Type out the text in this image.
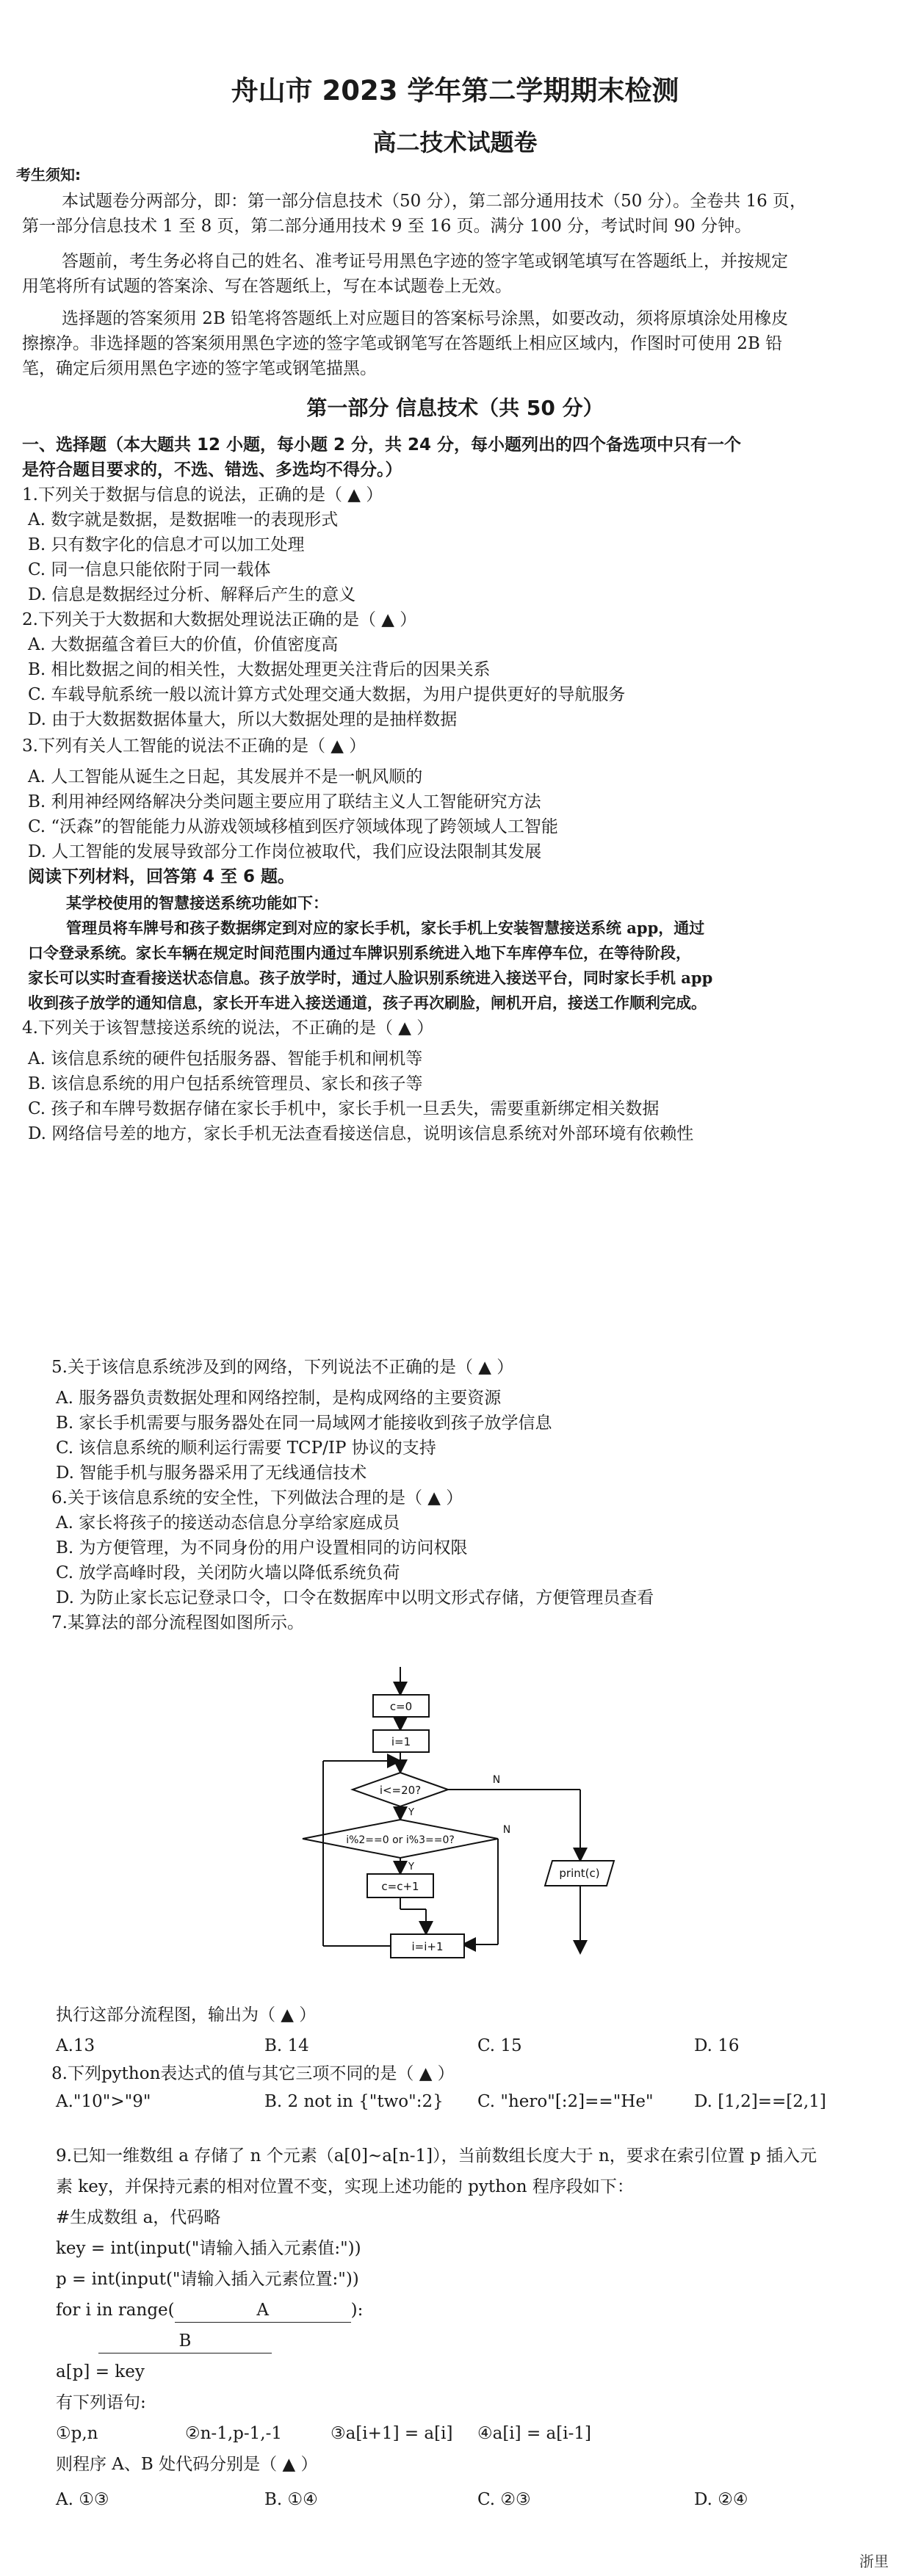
舟山市 2023 学年第二学期期末检测
高二技术试题卷
考生须知:
本试题卷分两部分，即：第一部分信息技术（50 分），第二部分通用技术（50 分）。全卷共 16 页，
第一部分信息技术 1 至 8 页，第二部分通用技术 9 至 16 页。满分 100 分，考试时间 90 分钟。
答题前，考生务必将自己的姓名、准考证号用黑色字迹的签字笔或钢笔填写在答题纸上，并按规定
用笔将所有试题的答案涂、写在答题纸上，写在本试题卷上无效。
选择题的答案须用 2B 铅笔将答题纸上对应题目的答案标号涂黑，如要改动，须将原填涂处用橡皮
擦擦净。非选择题的答案须用黑色字迹的签字笔或钢笔写在答题纸上相应区域内，作图时可使用 2B 铅
笔，确定后须用黑色字迹的签字笔或钢笔描黑。
第一部分 信息技术（共 50 分）
一、选择题（本大题共 12 小题，每小题 2 分，共 24 分，每小题列出的四个备选项中只有一个
是符合题目要求的，不选、错选、多选均不得分。）
1.下列关于数据与信息的说法，正确的是（ ▲ ）
A. 数字就是数据，是数据唯一的表现形式
B. 只有数字化的信息才可以加工处理
C. 同一信息只能依附于同一载体
D. 信息是数据经过分析、解释后产生的意义
2.下列关于大数据和大数据处理说法正确的是（ ▲ ）
A. 大数据蕴含着巨大的价值，价值密度高
B. 相比数据之间的相关性，大数据处理更关注背后的因果关系
C. 车载导航系统一般以流计算方式处理交通大数据，为用户提供更好的导航服务
D. 由于大数据数据体量大，所以大数据处理的是抽样数据
3.下列有关人工智能的说法不正确的是（ ▲ ）
A. 人工智能从诞生之日起，其发展并不是一帆风顺的
B. 利用神经网络解决分类问题主要应用了联结主义人工智能研究方法
C. “沃森”的智能能力从游戏领域移植到医疗领域体现了跨领域人工智能
D. 人工智能的发展导致部分工作岗位被取代，我们应设法限制其发展
阅读下列材料，回答第 4 至 6 题。
某学校使用的智慧接送系统功能如下：
管理员将车牌号和孩子数据绑定到对应的家长手机，家长手机上安装智慧接送系统 app，通过
口令登录系统。家长车辆在规定时间范围内通过车牌识别系统进入地下车库停车位，在等待阶段，
家长可以实时查看接送状态信息。孩子放学时，通过人脸识别系统进入接送平台，同时家长手机 app
收到孩子放学的通知信息，家长开车进入接送通道，孩子再次刷脸，闸机开启，接送工作顺利完成。
4.下列关于该智慧接送系统的说法，不正确的是（ ▲ ）
A. 该信息系统的硬件包括服务器、智能手机和闸机等
B. 该信息系统的用户包括系统管理员、家长和孩子等
C. 孩子和车牌号数据存储在家长手机中，家长手机一旦丢失，需要重新绑定相关数据
D. 网络信号差的地方，家长手机无法查看接送信息，说明该信息系统对外部环境有依赖性
5.关于该信息系统涉及到的网络，下列说法不正确的是（ ▲ ）
A. 服务器负责数据处理和网络控制，是构成网络的主要资源
B. 家长手机需要与服务器处在同一局域网才能接收到孩子放学信息
C. 该信息系统的顺利运行需要 TCP/IP 协议的支持
D. 智能手机与服务器采用了无线通信技术
6.关于该信息系统的安全性，下列做法合理的是（ ▲ ）
A. 家长将孩子的接送动态信息分享给家庭成员
B. 为方便管理，为不同身份的用户设置相同的访问权限
C. 放学高峰时段，关闭防火墙以降低系统负荷
D. 为防止家长忘记登录口令，口令在数据库中以明文形式存储，方便管理员查看
7.某算法的部分流程图如图所示。
c=0
i=1
i<=20?
i%2==0 or i%3==0?
c=c+1
i=i+1
print(c)
Y
Y
N
N
执行这部分流程图，输出为（ ▲ ）
A.13	B. 14	C. 15	D. 16
8.下列python表达式的值与其它三项不同的是（ ▲ ）
A."10">"9"	B. 2 not in {"two":2} C. "hero"[:2]=="He" D. [1,2]==[2,1]
9.已知一维数组 a 存储了 n 个元素（a[0]~a[n-1]），当前数组长度大于 n，要求在索引位置 p 插入元
素 key，并保持元素的相对位置不变，实现上述功能的 python 程序段如下：
#生成数组 a，代码略
key = int(input("请输入插入元素值:"))
p = int(input("请输入插入元素位置:"))
for i in range(	A	):
B
a[p] = key
有下列语句:
①p,n	②n-1,p-1,-1	③a[i+1] = a[i] ④a[i] = a[i-1]
则程序 A、B 处代码分别是（ ▲ ）
A. ①③	B. ①④	C. ②③	D. ②④
浙里
